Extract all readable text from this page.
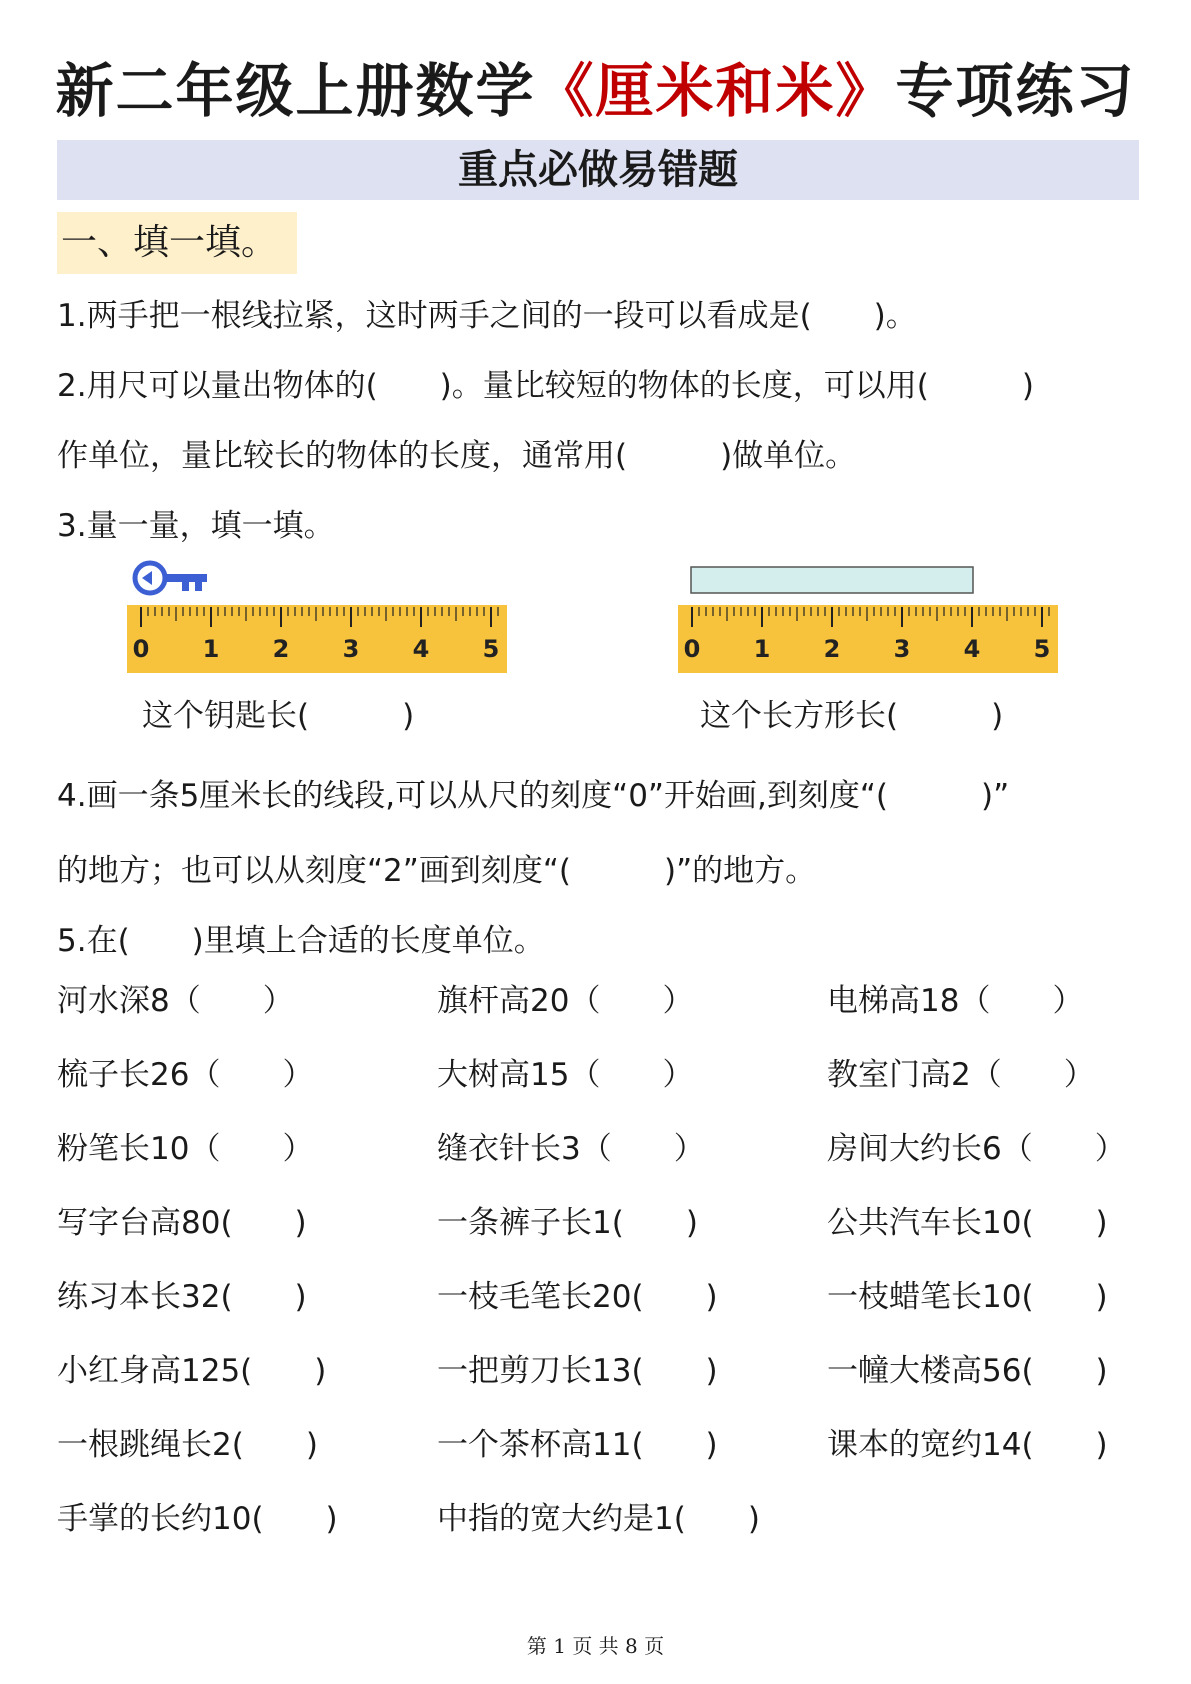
新二年级上册数学《厘米和米》专项练习
重点必做易错题
一、填一填。
1.两手把一根线拉紧，这时两手之间的一段可以看成是(　　)。
2.用尺可以量出物体的(　　)。量比较短的物体的长度，可以用(　　　)
作单位，量比较长的物体的长度，通常用(　　　)做单位。
3.量一量，填一填。
0 1 2 3 4 5	0 1 2 3 4 5
这个钥匙长(　　　)	这个长方形长(　　　)
4.画一条5厘米长的线段,可以从尺的刻度“0”开始画,到刻度“(　　　)”
的地方；也可以从刻度“2”画到刻度“(　　　)”的地方。
5.在(　　)里填上合适的长度单位。
河水深8（　　）	旗杆高20（　　）	电梯高18（　　）
梳子长26（　　）	大树高15（　　）	教室门高2（　　）
粉笔长10（　　）	缝衣针长3（　　）	房间大约长6（　　）
写字台高80(　　)	一条裤子长1(　　)	公共汽车长10(　　)
练习本长32(　　)	一枝毛笔长20(　　)	一枝蜡笔长10(　　)
小红身高125(　　)	一把剪刀长13(　　)	一幢大楼高56(　　)
一根跳绳长2(　　)	一个茶杯高11(　　)	课本的宽约14(　　)
手掌的长约10(　　)	中指的宽大约是1(　　)
第 1 页 共 8 页
